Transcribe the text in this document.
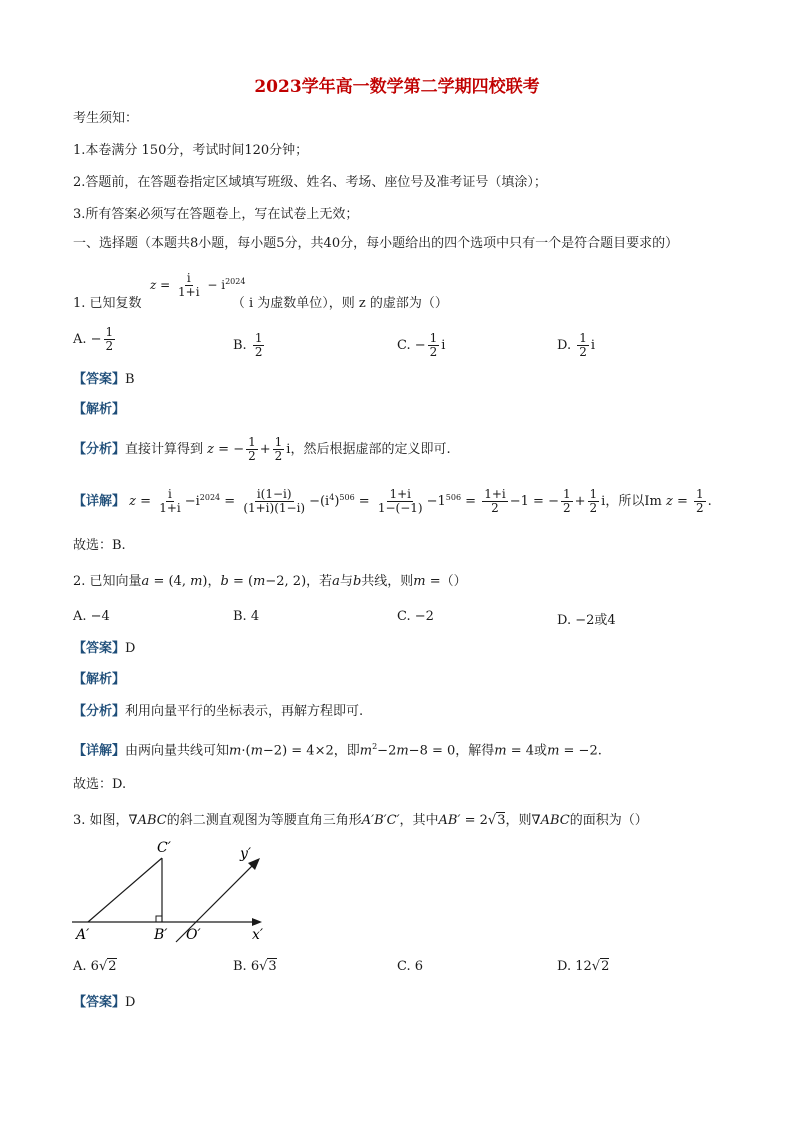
2023学年高一数学第二学期四校联考
考生须知：
1.本卷满分 150分，考试时间120分钟；
2.答题前，在答题卷指定区域填写班级、姓名、考场、座位号及准考证号（填涂）；
3.所有答案必须写在答题卷上，写在试卷上无效；
一、选择题（本题共8小题，每小题5分，共40分，每小题给出的四个选项中只有一个是符合题目要求的）
$z = \frac{i}{1+i} - i^{2024}$
1. 已知复数	（ i 为虚数单位），则 z 的虚部为（）
A. − $\frac{1}{2}$	B. $\frac{1}{2}$	C. − $\frac{1}{2}$ i	D. $\frac{1}{2}$ i
【答案】B
【解析】
【分析】直接计算得到 z = − $\frac{1}{2} + \frac{1}{2}$ i，然后根据虚部的定义即可.
【详解】 $z = \frac{i}{1+i} -i^{2024} = \frac{i(1-i)}{(1+i)(1-i)} -(i^4)^{506} = \frac{1+i}{1-(-1)} -1^{506} = \frac{1+i}{2} -1$ = − $\frac{1}{2} + \frac{1}{2}$ i，所以Im $z = \frac{1}{2}$ .
故选：B.
2. 已知向量a = (4, m)，b = (m−2, 2)，若a与b共线，则m =（）
A. −4	B. 4	C. −2	D. −2或4
【答案】D
【解析】
【分析】利用向量平行的坐标表示，再解方程即可.
【详解】由两向量共线可知m·(m−2) = 4×2，即$m^2-2m-8 = 0$，解得m = 4或m = −2.
故选：D.
3. 如图，∇ABC的斜二测直观图为等腰直角三角形A′B′C′，其中AB′ = 2√3，则∇ABC的面积为（）
C′	y′
A′	B′ O′	x′
A. 6√2	B. 6√3	C. 6	D. 12√2
【答案】D
